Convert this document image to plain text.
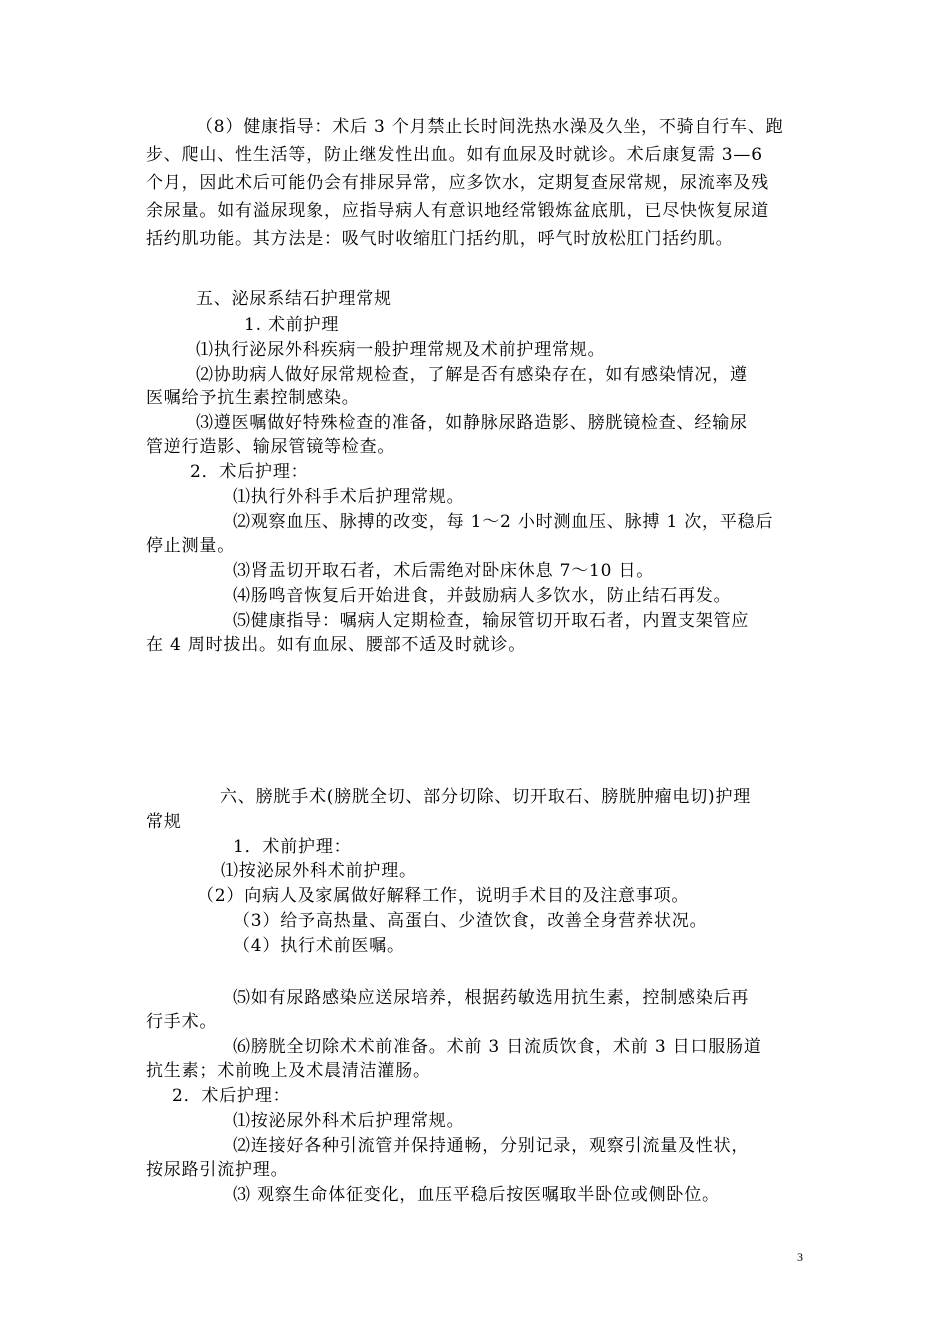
（8）健康指导：术后 3 个月禁止长时间洗热水澡及久坐，不骑自行车、跑
步、爬山、性生活等，防止继发性出血。如有血尿及时就诊。术后康复需 3—6
个月，因此术后可能仍会有排尿异常，应多饮水，定期复查尿常规，尿流率及残
余尿量。如有溢尿现象，应指导病人有意识地经常锻炼盆底肌，已尽快恢复尿道
括约肌功能。其方法是：吸气时收缩肛门括约肌，呼气时放松肛门括约肌。
五、泌尿系结石护理常规
1. 术前护理
⑴执行泌尿外科疾病一般护理常规及术前护理常规。
⑵协助病人做好尿常规检查，了解是否有感染存在，如有感染情况，遵
医嘱给予抗生素控制感染。
⑶遵医嘱做好特殊检查的准备，如静脉尿路造影、膀胱镜检查、经输尿
管逆行造影、输尿管镜等检查。
2．术后护理：
⑴执行外科手术后护理常规。
⑵观察血压、脉搏的改变，每 1～2 小时测血压、脉搏 1 次，平稳后
停止测量。
⑶肾盂切开取石者，术后需绝对卧床休息 7～10 日。
⑷肠鸣音恢复后开始进食，并鼓励病人多饮水，防止结石再发。
⑸健康指导：嘱病人定期检查，输尿管切开取石者，内置支架管应
在 4 周时拔出。如有血尿、腰部不适及时就诊。
六、膀胱手术(膀胱全切、部分切除、切开取石、膀胱肿瘤电切)护理
常规
1．术前护理：
⑴按泌尿外科术前护理。
（2）向病人及家属做好解释工作，说明手术目的及注意事项。
（3）给予高热量、高蛋白、少渣饮食，改善全身营养状况。
（4）执行术前医嘱。
⑸如有尿路感染应送尿培养，根据药敏选用抗生素，控制感染后再
行手术。
⑹膀胱全切除术术前准备。术前 3 日流质饮食，术前 3 日口服肠道
抗生素；术前晚上及术晨清洁灌肠。
2．术后护理：
⑴按泌尿外科术后护理常规。
⑵连接好各种引流管并保持通畅，分别记录，观察引流量及性状，
按尿路引流护理。
⑶ 观察生命体征变化，血压平稳后按医嘱取半卧位或侧卧位。
3
